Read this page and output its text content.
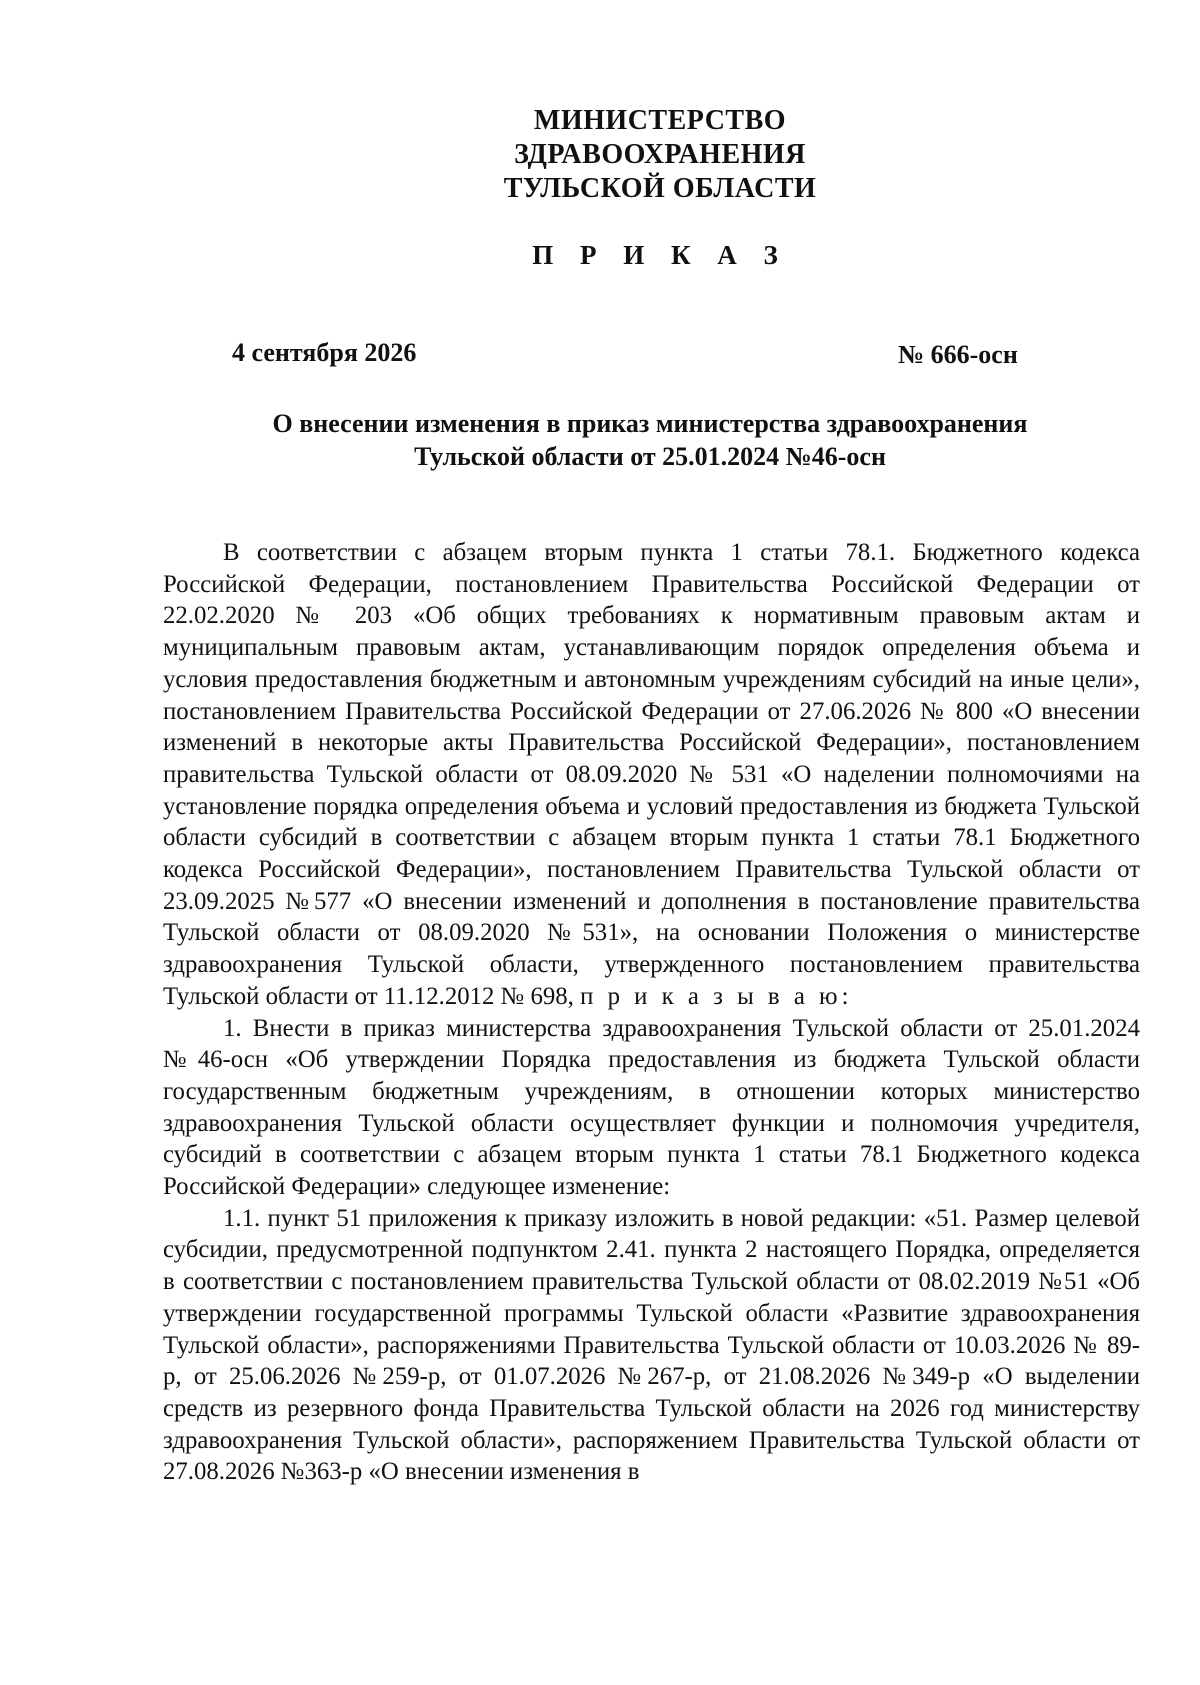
МИНИСТЕРСТВО
ЗДРАВООХРАНЕНИЯ
ТУЛЬСКОЙ ОБЛАСТИ
П Р И К А З
4 сентября 2026	№ 666-осн
О внесении изменения в приказ министерства здравоохранения
Тульской области от 25.01.2024 №46-осн

В соответствии с абзацем вторым пункта 1 статьи 78.1. Бюджетного кодекса Российской Федерации, постановлением Правительства Российской Федерации от 22.02.2020 № 203 «Об общих требованиях к нормативным правовым актам и муниципальным правовым актам, устанавливающим порядок определения объема и условия предоставления бюджетным и автономным учреждениям субсидий на иные цели», постановлением Правительства Российской Федерации от 27.06.2026 № 800 «О внесении изменений в некоторые акты Правительства Российской Федерации», постановлением правительства Тульской области от 08.09.2020 № 531 «О наделении полномочиями на установление порядка определения объема и условий предоставления из бюджета Тульской области субсидий в соответствии с абзацем вторым пункта 1 статьи 78.1 Бюджетного кодекса Российской Федерации», постановлением Правительства Тульской области от 23.09.2025 №577 «О внесении изменений и дополнения в постановление правительства Тульской области от 08.09.2020 №531», на основании Положения о министерстве здравоохранения Тульской области, утвержденного постановлением правительства Тульской области от 11.12.2012 № 698, п р и к а з ы в а ю:

1. Внести в приказ министерства здравоохранения Тульской области от 25.01.2024 №46-осн «Об утверждении Порядка предоставления из бюджета Тульской области государственным бюджетным учреждениям, в отношении которых министерство здравоохранения Тульской области осуществляет функции и полномочия учредителя, субсидий в соответствии с абзацем вторым пункта 1 статьи 78.1 Бюджетного кодекса Российской Федерации» следующее изменение:

1.1. пункт 51 приложения к приказу изложить в новой редакции: «51. Размер целевой субсидии, предусмотренной подпунктом 2.41. пункта 2 настоящего Порядка, определяется в соответствии с постановлением правительства Тульской области от 08.02.2019 №51 «Об утверждении государственной программы Тульской области «Развитие здравоохранения Тульской области», распоряжениями Правительства Тульской области от 10.03.2026 № 89-р, от 25.06.2026 №259-р, от 01.07.2026 №267-р, от 21.08.2026 №349-р «О выделении средств из резервного фонда Правительства Тульской области на 2026 год министерству здравоохранения Тульской области», распоряжением Правительства Тульской области от 27.08.2026 №363-р «О внесении изменения в
